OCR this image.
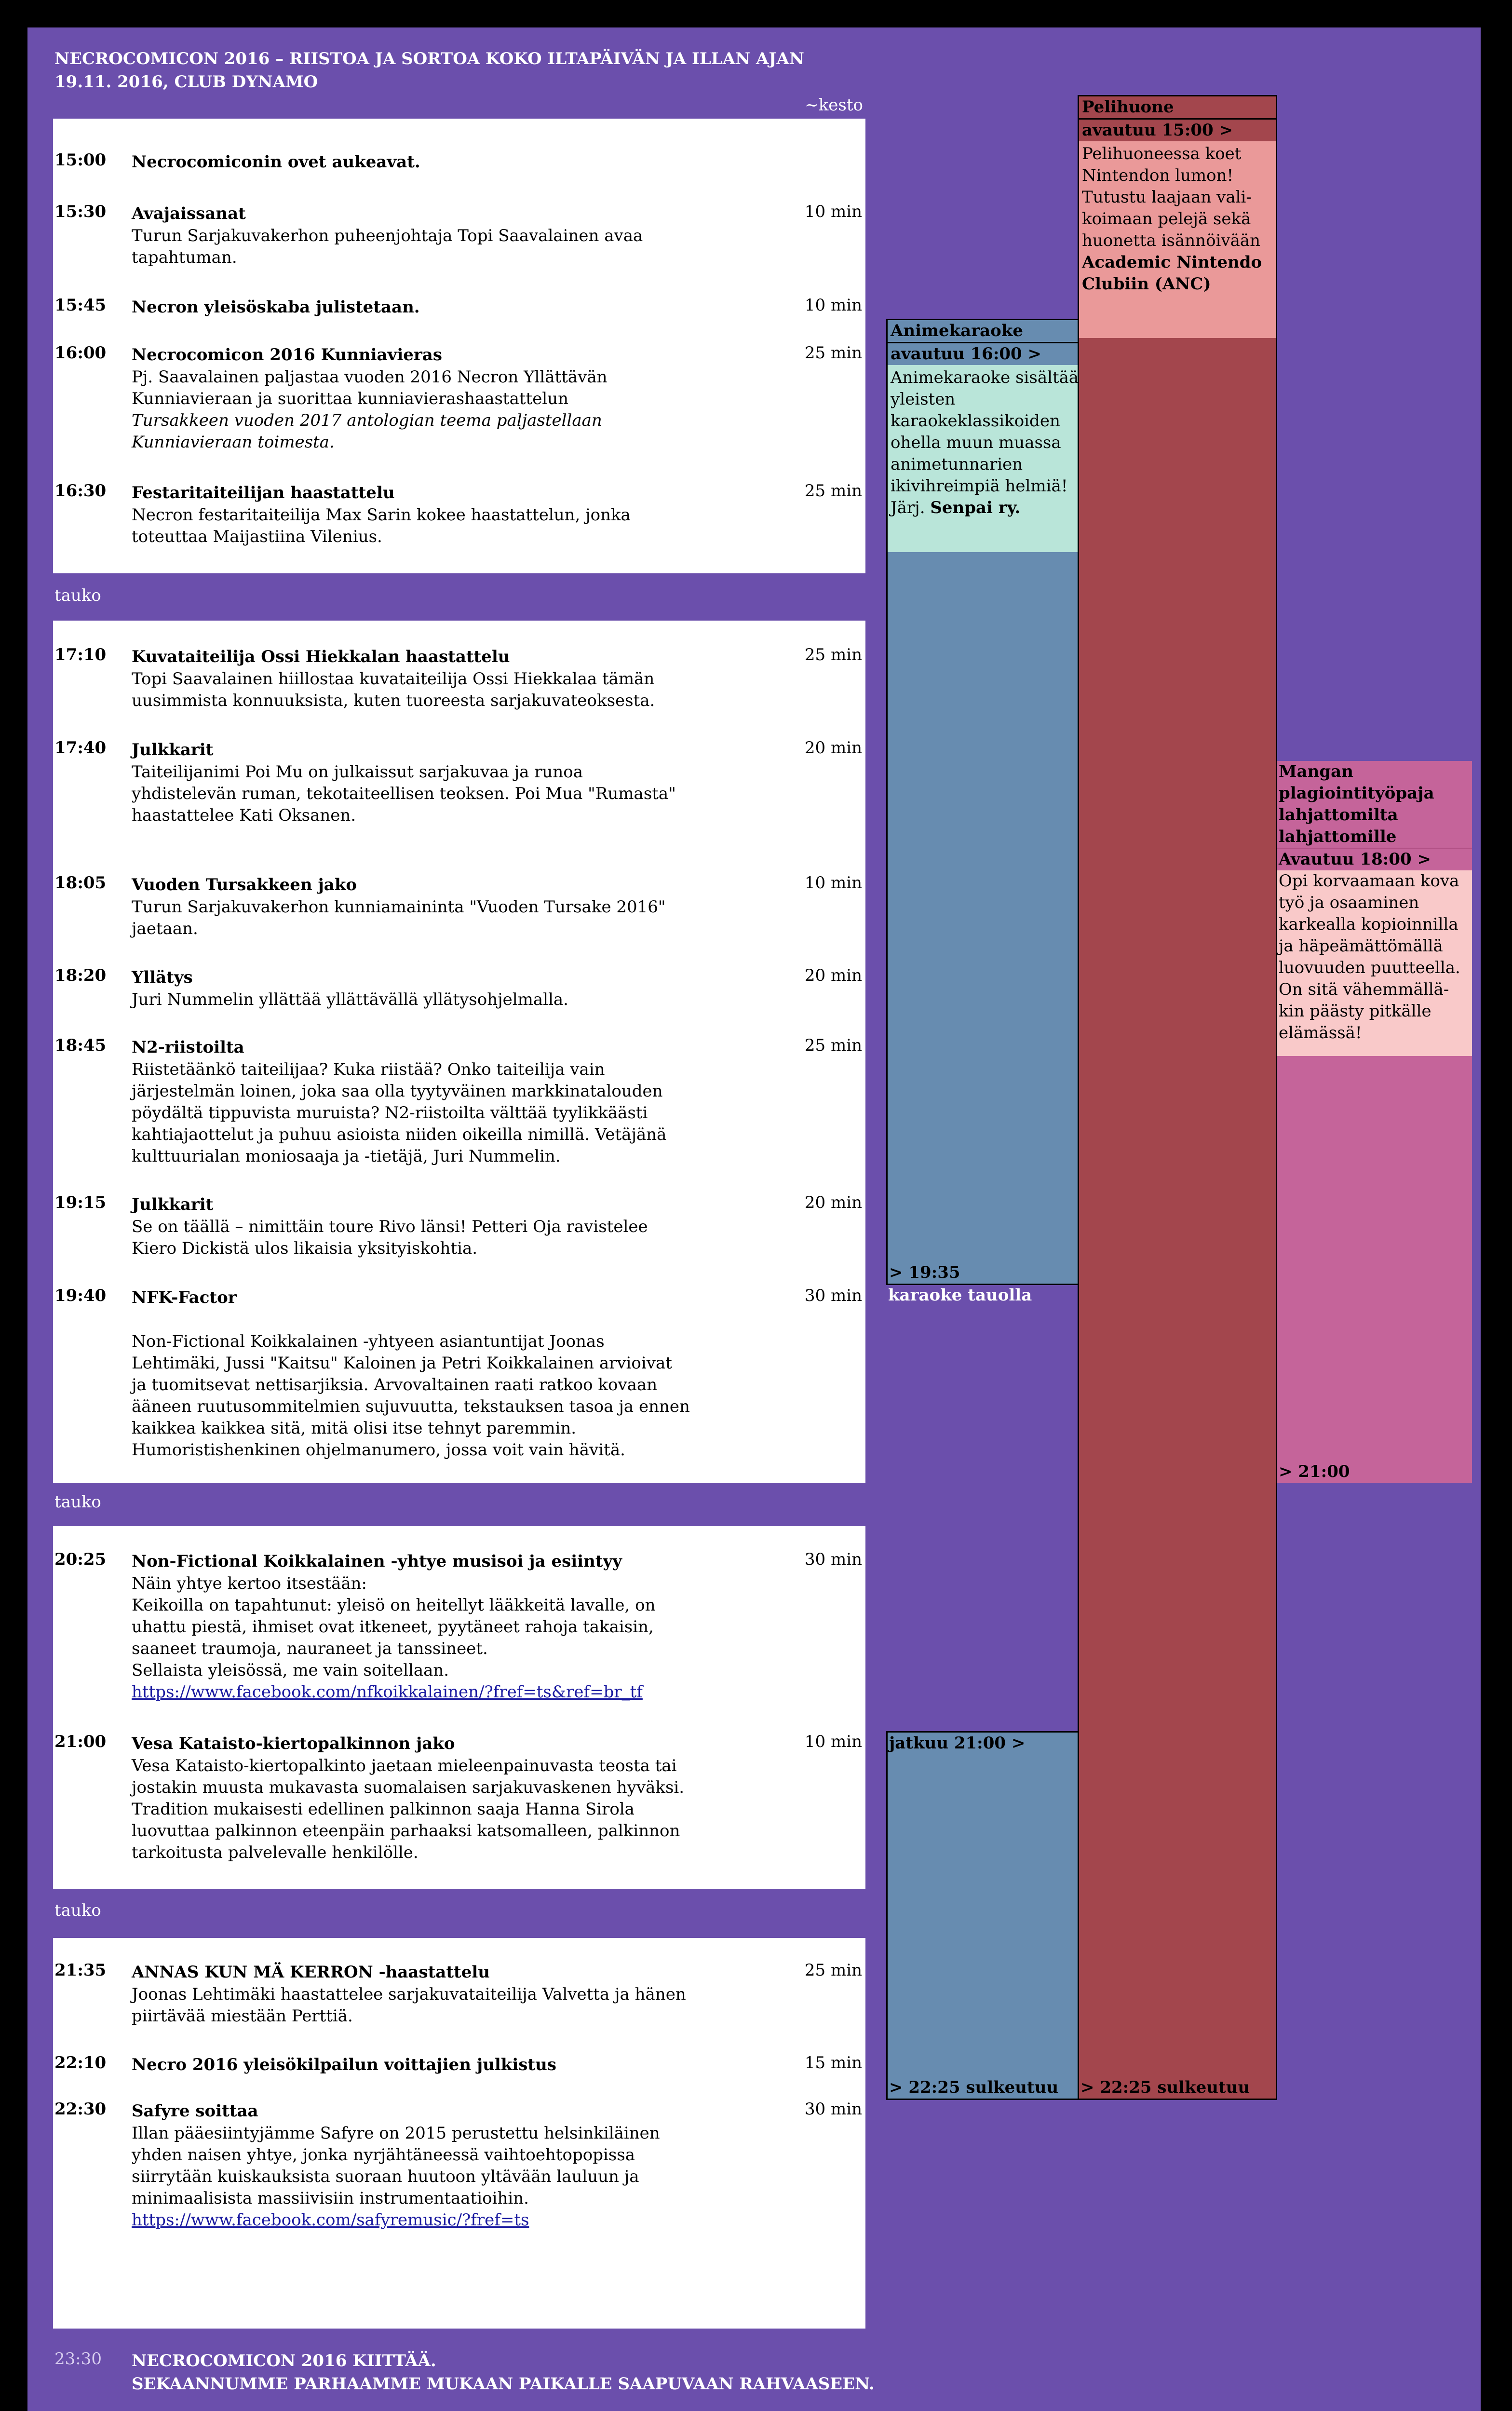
NECROCOMICON 2016 – RIISTOA JA SORTOA KOKO ILTAPÄIVÄN JA ILLAN AJAN
19.11. 2016, CLUB DYNAMO
~kesto
tauko
tauko
tauko
15:00	Necrocomiconin ovet aukeavat.
15:30	Avajaissanat	10 min
Turun Sarjakuvakerhon puheenjohtaja Topi Saavalainen avaa
tapahtuman.
15:45	Necron yleisöskaba julistetaan.	10 min
16:00	Necrocomicon 2016 Kunniavieras	25 min
Pj. Saavalainen paljastaa vuoden 2016 Necron Yllättävän
Kunniavieraan ja suorittaa kunniavierashaastattelun
Tursakkeen vuoden 2017 antologian teema paljastellaan
Kunniavieraan toimesta.
16:30	Festaritaiteilijan haastattelu	25 min
Necron festaritaiteilija Max Sarin kokee haastattelun, jonka
toteuttaa Maijastiina Vilenius.
17:10	Kuvataiteilija Ossi Hiekkalan haastattelu	25 min
Topi Saavalainen hiillostaa kuvataiteilija Ossi Hiekkalaa tämän
uusimmista konnuuksista, kuten tuoreesta sarjakuvateoksesta.
17:40	Julkkarit	20 min
Taiteilijanimi Poi Mu on julkaissut sarjakuvaa ja runoa
yhdistelevän ruman, tekotaiteellisen teoksen. Poi Mua "Rumasta"
haastattelee Kati Oksanen.
18:05	Vuoden Tursakkeen jako	10 min
Turun Sarjakuvakerhon kunniamaininta "Vuoden Tursake 2016"
jaetaan.
18:20	Yllätys	20 min
Juri Nummelin yllättää yllättävällä yllätysohjelmalla.
18:45	N2-riistoilta	25 min
Riistetäänkö taiteilijaa? Kuka riistää? Onko taiteilija vain
järjestelmän loinen, joka saa olla tyytyväinen markkinatalouden
pöydältä tippuvista muruista? N2-riistoilta välttää tyylikkäästi
kahtiajaottelut ja puhuu asioista niiden oikeilla nimillä. Vetäjänä
kulttuurialan moniosaaja ja -tietäjä, Juri Nummelin.
19:15	Julkkarit	20 min
Se on täällä – nimittäin toure Rivo länsi! Petteri Oja ravistelee
Kiero Dickistä ulos likaisia yksityiskohtia.
19:40	NFK-Factor	30 min
Non-Fictional Koikkalainen -yhtyeen asiantuntijat Joonas
Lehtimäki, Jussi "Kaitsu" Kaloinen ja Petri Koikkalainen arvioivat
ja tuomitsevat nettisarjiksia. Arvovaltainen raati ratkoo kovaan
ääneen ruutusommitelmien sujuvuutta, tekstauksen tasoa ja ennen
kaikkea kaikkea sitä, mitä olisi itse tehnyt paremmin.
Humoristishenkinen ohjelmanumero, jossa voit vain hävitä.
20:25	Non-Fictional Koikkalainen -yhtye musisoi ja esiintyy	30 min
Näin yhtye kertoo itsestään:
Keikoilla on tapahtunut: yleisö on heitellyt lääkkeitä lavalle, on
uhattu piestä, ihmiset ovat itkeneet, pyytäneet rahoja takaisin,
saaneet traumoja, nauraneet ja tanssineet.
Sellaista yleisössä, me vain soitellaan.
https://www.facebook.com/nfkoikkalainen/?fref=ts&ref=br_tf
21:00	Vesa Kataisto-kiertopalkinnon jako	10 min
Vesa Kataisto-kiertopalkinto jaetaan mieleenpainuvasta teosta tai
jostakin muusta mukavasta suomalaisen sarjakuvaskenen hyväksi.
Tradition mukaisesti edellinen palkinnon saaja Hanna Sirola
luovuttaa palkinnon eteenpäin parhaaksi katsomalleen, palkinnon
tarkoitusta palvelevalle henkilölle.
21:35	ANNAS KUN MÄ KERRON -haastattelu	25 min
Joonas Lehtimäki haastattelee sarjakuvataiteilija Valvetta ja hänen
piirtävää miestään Perttiä.
22:10	Necro 2016 yleisökilpailun voittajien julkistus	15 min
22:30	Safyre soittaa	30 min
Illan pääesiintyjämme Safyre on 2015 perustettu helsinkiläinen
yhden naisen yhtye, jonka nyrjähtäneessä vaihtoehtopopissa
siirrytään kuiskauksista suoraan huutoon yltävään lauluun ja
minimaalisista massiivisiin instrumentaatioihin.
https://www.facebook.com/safyremusic/?fref=ts
23:30 NECROCOMICON 2016 KIITTÄÄ.
SEKAANNUMME PARHAAMME MUKAAN PAIKALLE SAAPUVAAN RAHVAASEEN.
Pelihuone
avautuu 15:00 >
Pelihuoneessa koet
Nintendon lumon!
Tutustu laajaan vali-
koimaan pelejä sekä
huonetta isännöivään
Academic Nintendo
Clubiin (ANC)
> 22:25 sulkeutuu
Animekaraoke
avautuu 16:00 >
Animekaraoke sisältää
yleisten
karaokeklassikoiden
ohella muun muassa
animetunnarien
ikivihreimpiä helmiä!
Järj. Senpai ry.
> 19:35
karaoke tauolla
jatkuu 21:00 >
> 22:25 sulkeutuu
Mangan
plagiointityöpaja
lahjattomilta
lahjattomille
Avautuu 18:00 >
Opi korvaamaan kova
työ ja osaaminen
karkealla kopioinnilla
ja häpeämättömällä
luovuuden puutteella.
On sitä vähemmällä-
kin päästy pitkälle
elämässä!
> 21:00
